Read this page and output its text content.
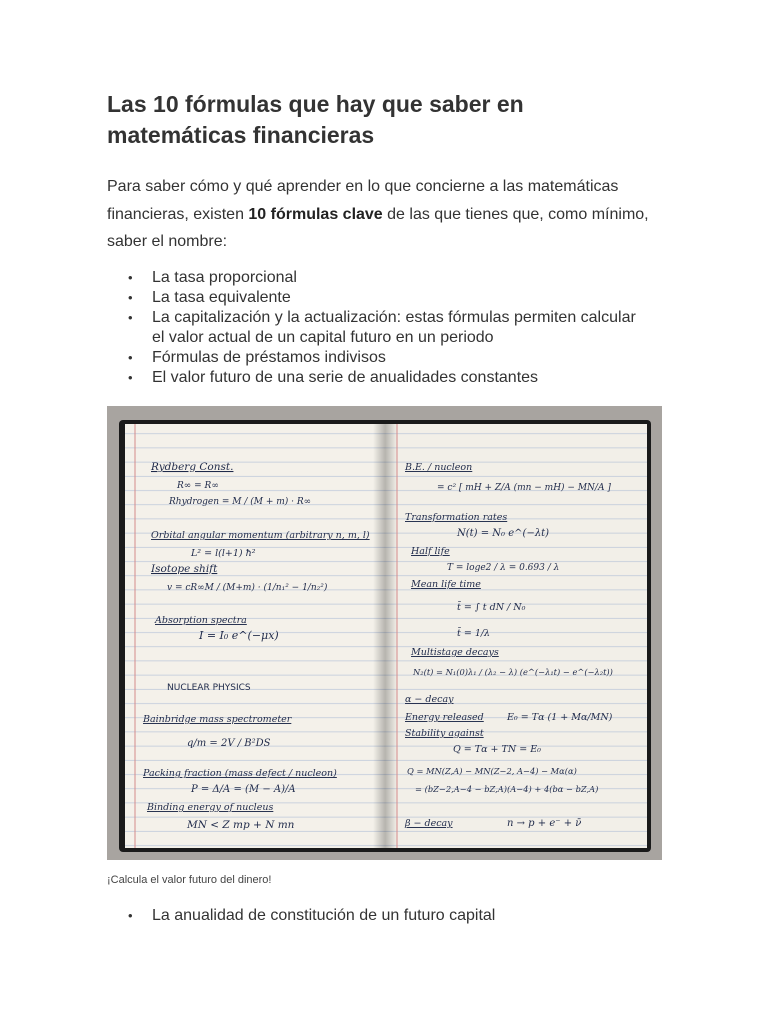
Las 10 fórmulas que hay que saber en matemáticas financieras

Para saber cómo y qué aprender en lo que concierne a las matemáticas financieras, existen 10 fórmulas clave de las que tienes que, como mínimo, saber el nombre:

• La tasa proporcional
• La tasa equivalente
• La capitalización y la actualización: estas fórmulas permiten calcular el valor actual de un capital futuro en un periodo
• Fórmulas de préstamos indivisos
• El valor futuro de una serie de anualidades constantes
Rydberg Const.
R∞ = R∞
Rhydrogen = M / (M + m) · R∞
Orbital angular momentum (arbitrary n, m, l)
L² = l(l+1) ħ²
Isotope shift
v = cR∞M / (M+m) · (1/n₁² − 1/n₂²)
Absorption spectra
I = I₀ e^(−μx)
NUCLEAR PHYSICS
Bainbridge mass spectrometer
q/m = 2V / B²DS
Packing fraction (mass defect / nucleon)
P = Δ/A = (M − A)/A
Binding energy of nucleus
MN < Z mp + N mn
B.E. / nucleon
= c² [ mH + Z/A (mn − mH) − MN/A ]
Transformation rates
N(t) = N₀ e^(−λt)
Half life
T = loge2 / λ = 0.693 / λ
Mean life time
t̄ = ∫ t dN / N₀
t̄ = 1/λ
Multistage decays
N₂(t) = N₁(0)λ₁ / (λ₂ − λ) (e^(−λ₁t) − e^(−λ₂t))
α − decay
Energy released E₀ = Tα (1 + Mα/MN)
Stability against
Q = Tα + TN = E₀
Q = MN(Z,A) − MN(Z−2, A−4) − Mα(α)
= (bZ−2,A−4 − bZ,A)(A−4) + 4(bα − bZ,A)
β − decay	n → p + e⁻ + ν̄
¡Calcula el valor futuro del dinero!
• La anualidad de constitución de un futuro capital
